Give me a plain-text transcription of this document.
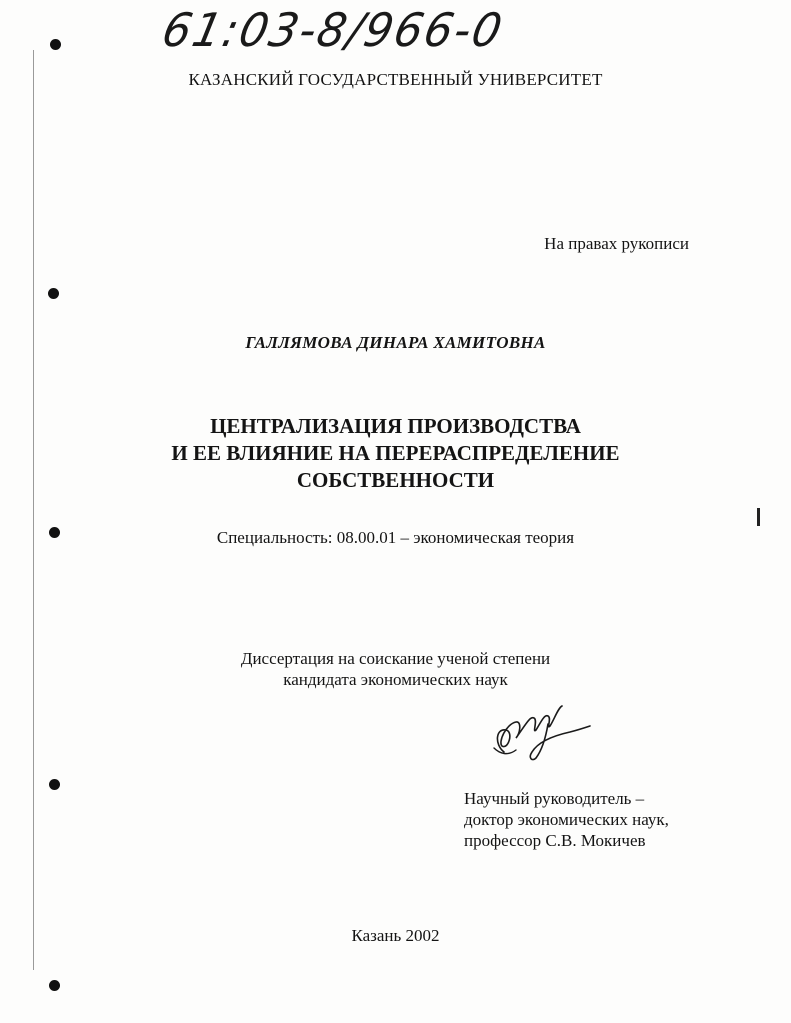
61:03-8/966-0
КАЗАНСКИЙ ГОСУДАРСТВЕННЫЙ УНИВЕРСИТЕТ
На правах рукописи
ГАЛЛЯМОВА ДИНАРА ХАМИТОВНА
ЦЕНТРАЛИЗАЦИЯ ПРОИЗВОДСТВА
И ЕЕ ВЛИЯНИЕ НА ПЕРЕРАСПРЕДЕЛЕНИЕ
СОБСТВЕННОСТИ
Специальность: 08.00.01 – экономическая теория
Диссертация на соискание ученой степени
кандидата экономических наук
Научный руководитель –
доктор экономических наук,
профессор С.В. Мокичев
Казань 2002
